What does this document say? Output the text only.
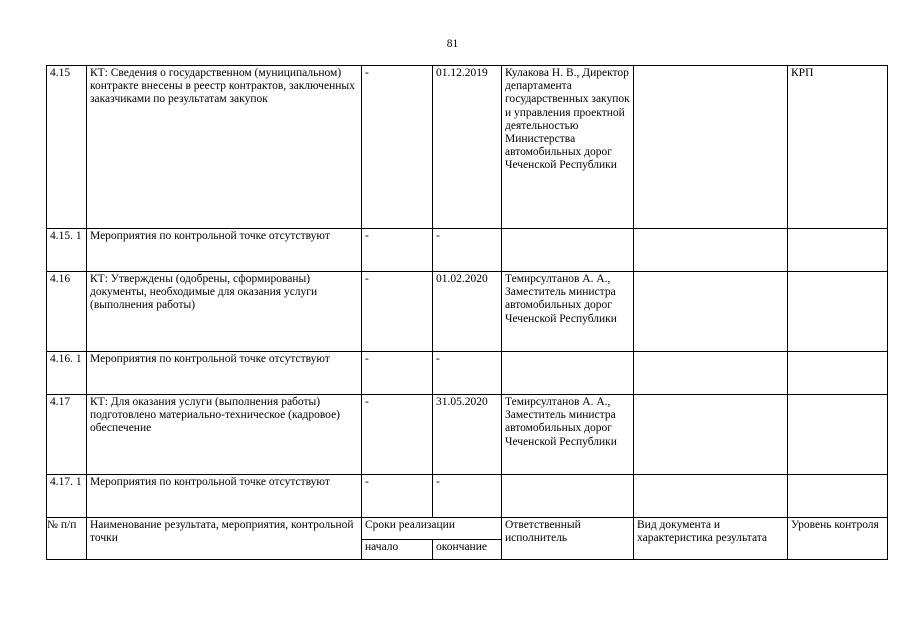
81
4.15	КТ: Сведения о государственном (муниципальном) контракте внесены в реестр контрактов, заключенных заказчиками по результатам закупок	-	01.12.2019	Кулакова Н. В., Директор департамента государственных закупок и управления проектной деятельностью Министерства автомобильных дорог Чеченской Республики		КРП
4.15. 1	Мероприятия по контрольной точке отсутствуют	-	-			
4.16	КТ: Утверждены (одобрены, сформированы) документы, необходимые для оказания услуги (выполнения работы)	-	01.02.2020	Темирсултанов А. А., Заместитель министра автомобильных дорог Чеченской Республики		
4.16. 1	Мероприятия по контрольной точке отсутствуют	-	-			
4.17	КТ: Для оказания услуги (выполнения работы) подготовлено материально-техническое (кадровое) обеспечение	-	31.05.2020	Темирсултанов А. А., Заместитель министра автомобильных дорог Чеченской Республики		
4.17. 1	Мероприятия по контрольной точке отсутствуют	-	-			
№ п/п	Наименование результата, мероприятия, контрольной точки	Сроки реализации		Ответственный исполнитель	Вид документа и характеристика результата	Уровень контроля
		начало	окончание			
